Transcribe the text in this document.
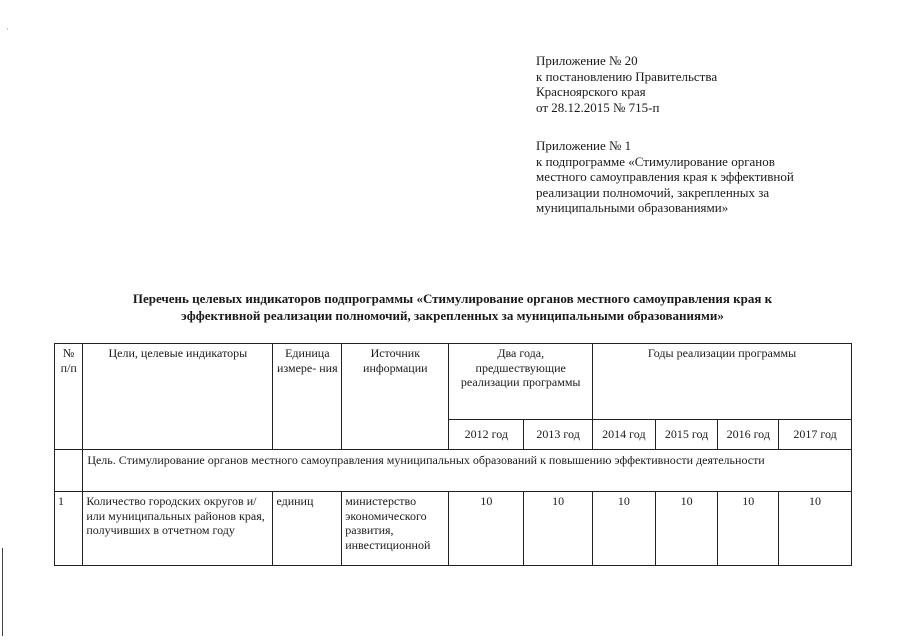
·
Приложение № 20
к постановлению Правительства
Красноярского края
от 28.12.2015 № 715-п
Приложение № 1
к подпрограмме «Стимулирование органов
местного самоуправления края к эффективной
реализации полномочий, закрепленных за
муниципальными образованиями»
Перечень целевых индикаторов подпрограммы «Стимулирование органов местного самоуправления края к
эффективной реализации полномочий, закрепленных за муниципальными образованиями»
№ п/п	Цели, целевые индикаторы	Единица измере- ния	Источник информации	Два года, предшествующие реализации программы		Годы реализации программы			
				2012 год	2013 год	2014 год	2015 год	2016 год	2017 год
	Цель. Стимулирование органов местного самоуправления муниципальных образований к повышению эффективности деятельности								
1	Количество городских округов и/или муниципальных районов края, получивших в отчетном году	единиц	министерство экономического развития, инвестиционной	10	10	10	10	10	10
